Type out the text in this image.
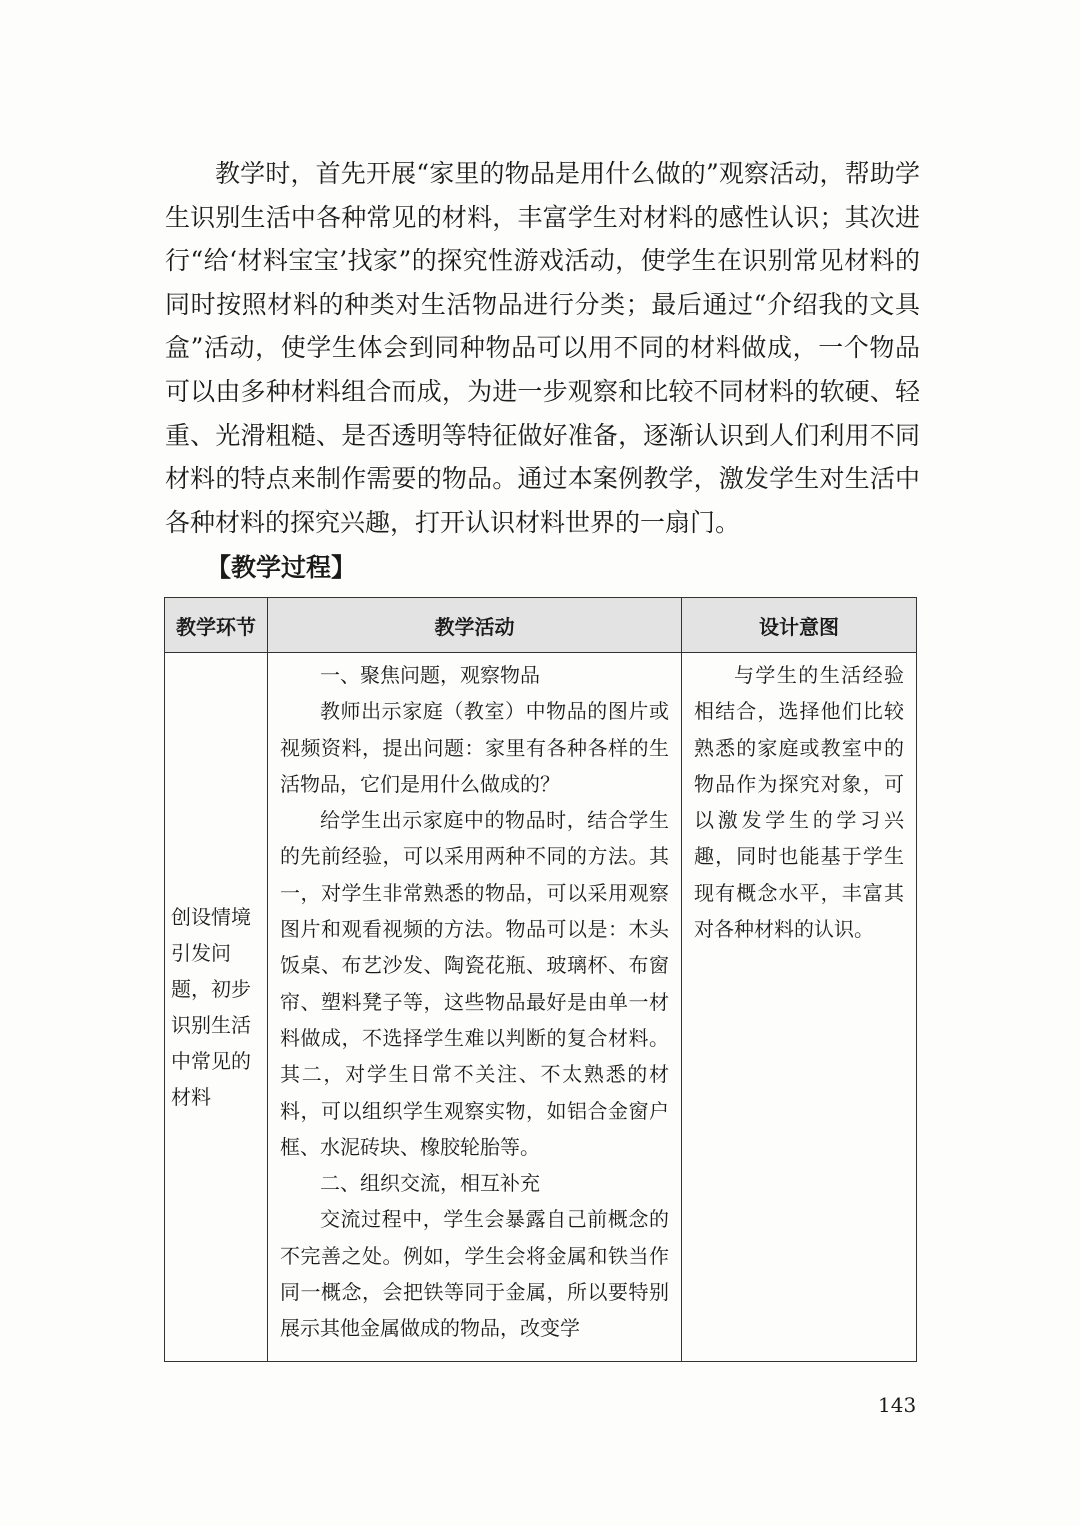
教学时，首先开展“家里的物品是用什么做的”观察活动，帮助学生识别生活中各种常见的材料，丰富学生对材料的感性认识；其次进行“给‘材料宝宝’找家”的探究性游戏活动，使学生在识别常见材料的同时按照材料的种类对生活物品进行分类；最后通过“介绍我的文具盒”活动，使学生体会到同种物品可以用不同的材料做成，一个物品可以由多种材料组合而成，为进一步观察和比较不同材料的软硬、轻重、光滑粗糙、是否透明等特征做好准备，逐渐认识到人们利用不同材料的特点来制作需要的物品。通过本案例教学，激发学生对生活中各种材料的探究兴趣，打开认识材料世界的一扇门。

【教学过程】
教学环节	教学活动	设计意图
创设情境引发问题，初步识别生活中常见的材料	一、聚焦问题，观察物品

教师出示家庭（教室）中物品的图片或视频资料，提出问题：家里有各种各样的生活物品，它们是用什么做成的？

给学生出示家庭中的物品时，结合学生的先前经验，可以采用两种不同的方法。其一，对学生非常熟悉的物品，可以采用观察图片和观看视频的方法。物品可以是：木头饭桌、布艺沙发、陶瓷花瓶、玻璃杯、布窗帘、塑料凳子等，这些物品最好是由单一材料做成，不选择学生难以判断的复合材料。其二，对学生日常不关注、不太熟悉的材料，可以组织学生观察实物，如铝合金窗户框、水泥砖块、橡胶轮胎等。

二、组织交流，相互补充

交流过程中，学生会暴露自己前概念的不完善之处。例如，学生会将金属和铁当作同一概念，会把铁等同于金属，所以要特别展示其他金属做成的物品，改变学	与学生的生活经验相结合，选择他们比较熟悉的家庭或教室中的物品作为探究对象，可以激发学生的学习兴趣，同时也能基于学生现有概念水平，丰富其对各种材料的认识。

143
